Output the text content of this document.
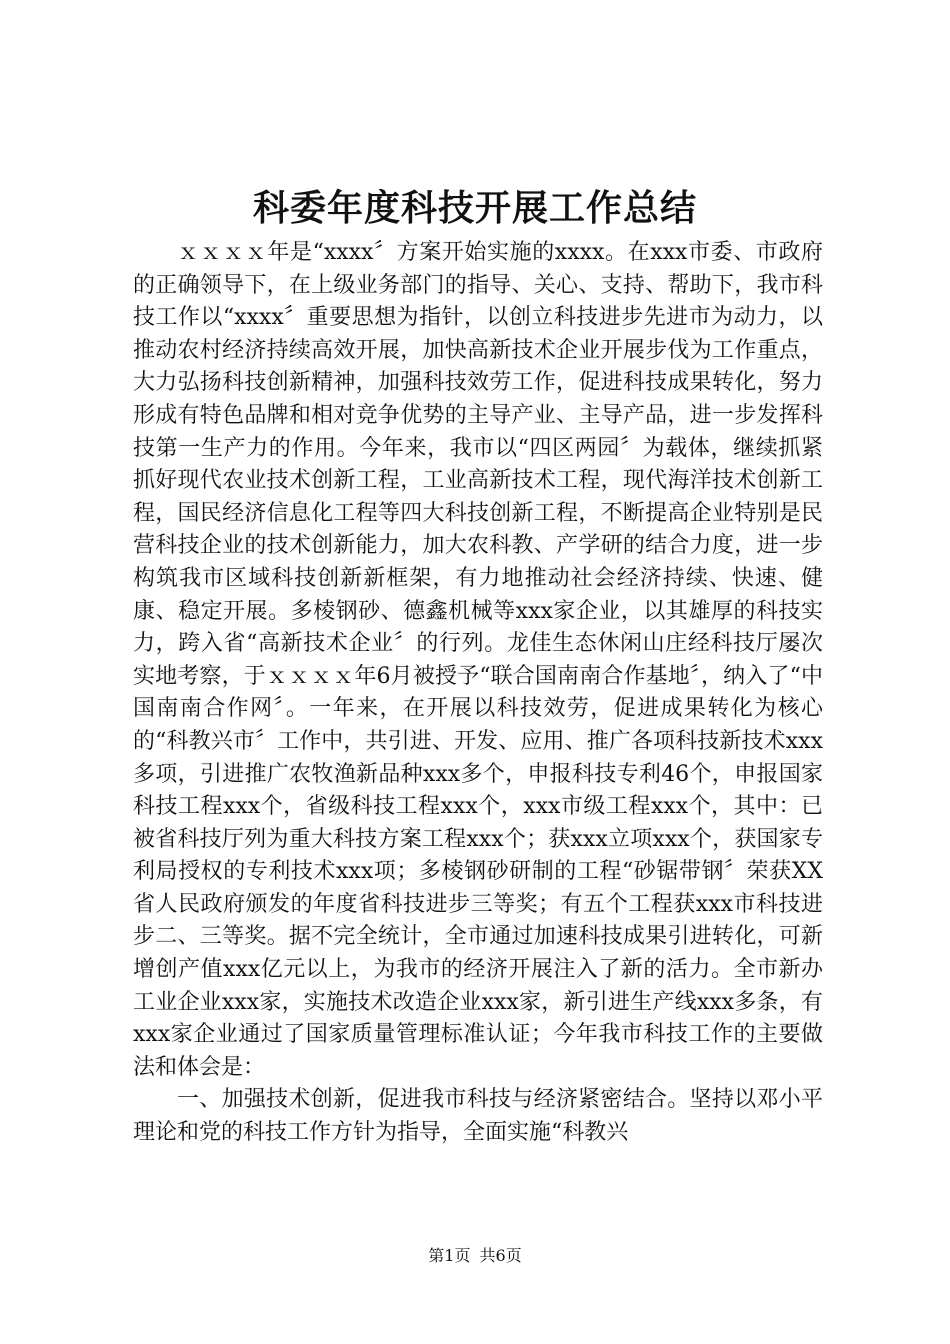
科委年度科技开展工作总结

ｘｘｘｘ年是“xxxx〞方案开始实施的xxxx。在xxx市委、市政府的正确领导下，在上级业务部门的指导、关心、支持、帮助下，我市科技工作以“xxxx〞重要思想为指针，以创立科技进步先进市为动力，以推动农村经济持续高效开展，加快高新技术企业开展步伐为工作重点，大力弘扬科技创新精神，加强科技效劳工作，促进科技成果转化，努力形成有特色品牌和相对竞争优势的主导产业、主导产品，进一步发挥科技第一生产力的作用。今年来，我市以“四区两园〞为载体，继续抓紧抓好现代农业技术创新工程，工业高新技术工程，现代海洋技术创新工程，国民经济信息化工程等四大科技创新工程，不断提高企业特别是民营科技企业的技术创新能力，加大农科教、产学研的结合力度，进一步构筑我市区域科技创新新框架，有力地推动社会经济持续、快速、健康、稳定开展。多棱钢砂、德鑫机械等xxx家企业，以其雄厚的科技实力，跨入省“高新技术企业〞的行列。龙佳生态休闲山庄经科技厅屡次实地考察，于ｘｘｘｘ年6月被授予“联合国南南合作基地〞，纳入了“中国南南合作网〞。一年来，在开展以科技效劳，促进成果转化为核心的“科教兴市〞工作中，共引进、开发、应用、推广各项科技新技术xxx多项，引进推广农牧渔新品种xxx多个，申报科技专利46个，申报国家科技工程xxx个，省级科技工程xxx个，xxx市级工程xxx个，其中：已被省科技厅列为重大科技方案工程xxx个；获xxx立项xxx个，获国家专利局授权的专利技术xxx项；多棱钢砂研制的工程“砂锯带钢〞荣获XX省人民政府颁发的年度省科技进步三等奖；有五个工程获xxx市科技进步二、三等奖。据不完全统计，全市通过加速科技成果引进转化，可新增创产值xxx亿元以上，为我市的经济开展注入了新的活力。全市新办工业企业xxx家，实施技术改造企业xxx家，新引进生产线xxx多条，有xxx家企业通过了国家质量管理标准认证；今年我市科技工作的主要做法和体会是：

一、加强技术创新，促进我市科技与经济紧密结合。坚持以邓小平理论和党的科技工作方针为指导，全面实施“科教兴

第1页 共6页
